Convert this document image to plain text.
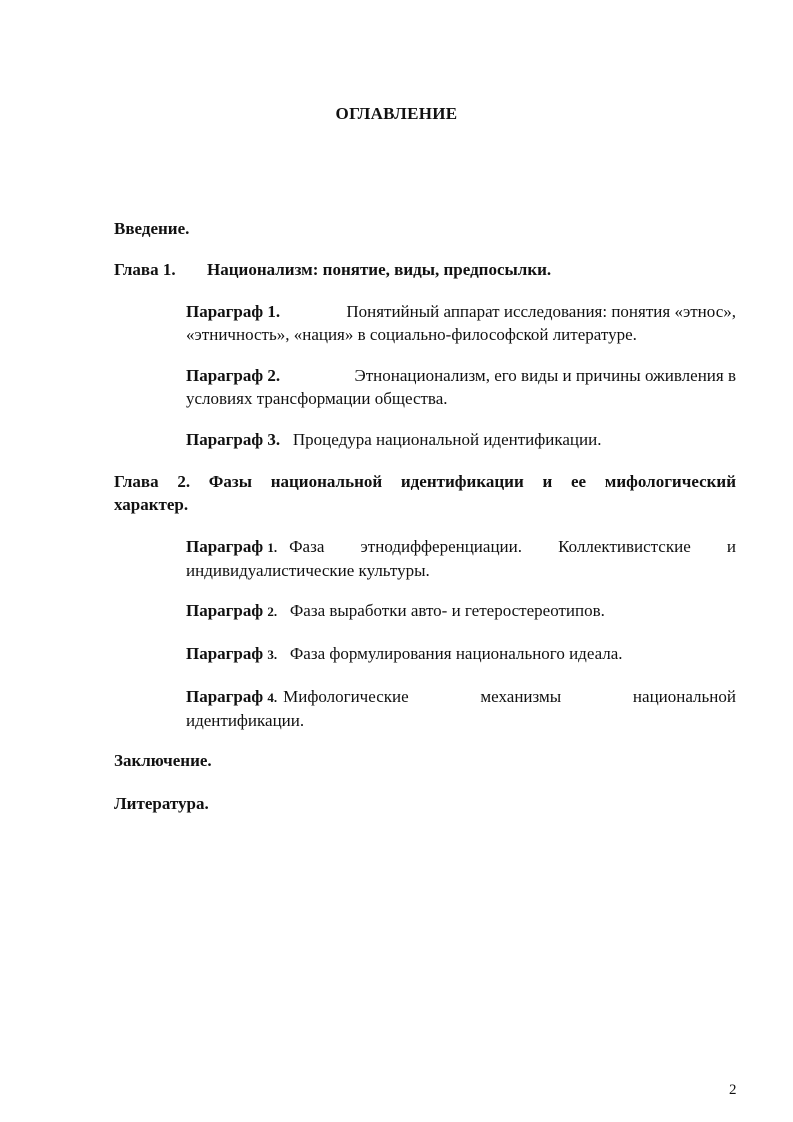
ОГЛАВЛЕНИЕ
Введение.
Глава 1. Национализм: понятие, виды, предпосылки.
Параграф 1.	Понятийный аппарат исследования: понятия «этнос»,
«этничность», «нация» в социально-философской литературе.
Параграф 2.	Этнонационализм, его виды и причины оживления в
условиях трансформации общества.
Параграф 3. Процедура национальной идентификации.
Глава 2. Фазы национальной идентификации и ее мифологический
характер.
Параграф 1. Фаза этнодифференциации. Коллективистские и
индивидуалистические культуры.
Параграф 2. Фаза выработки авто- и гетеростереотипов.
Параграф 3. Фаза формулирования национального идеала.
Параграф 4. Мифологические механизмы национальной
идентификации.
Заключение.
Литература.
2
